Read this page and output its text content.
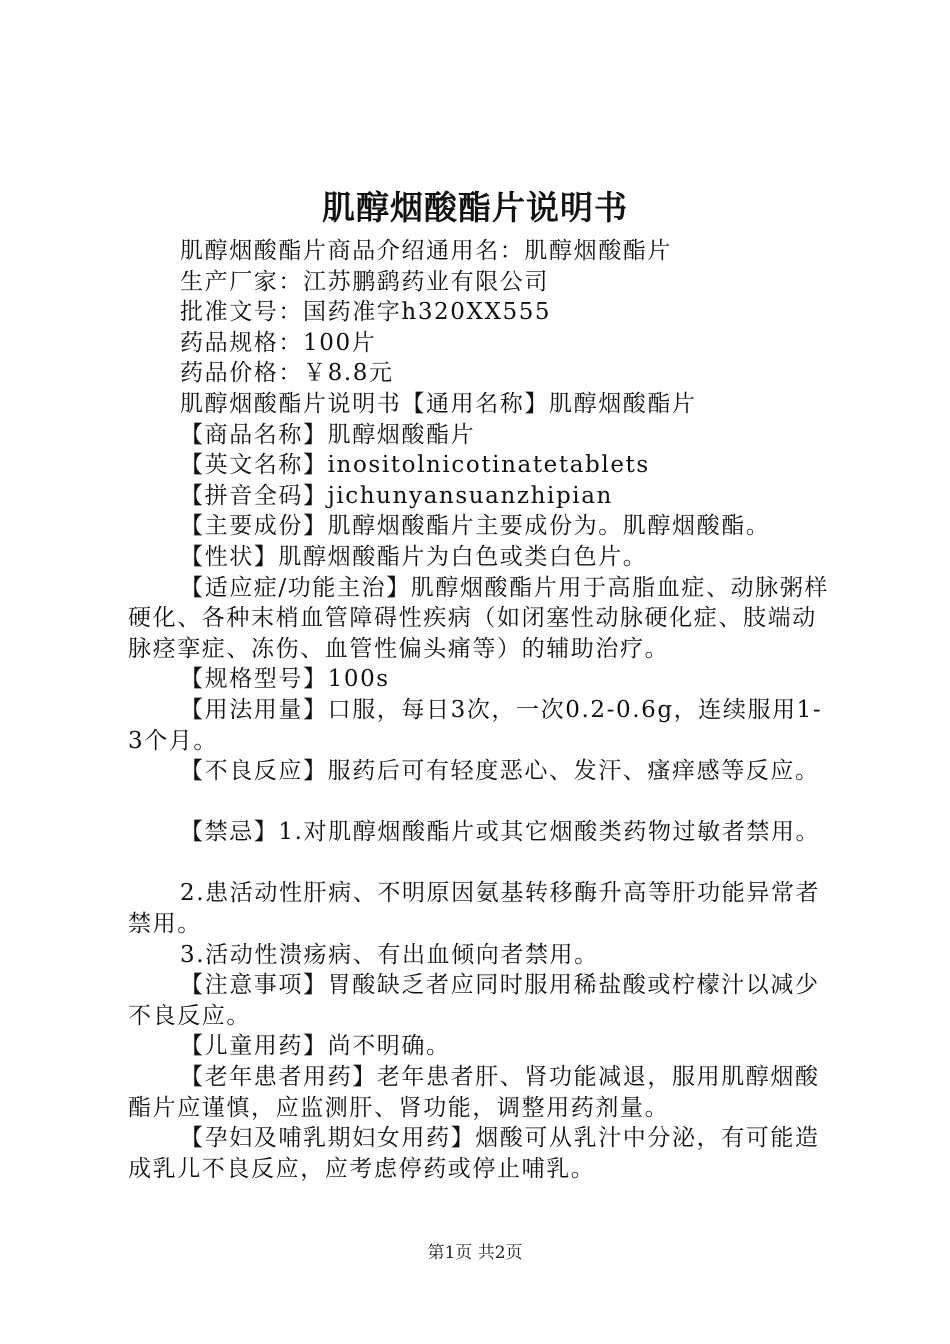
肌醇烟酸酯片说明书

肌醇烟酸酯片商品介绍通用名：肌醇烟酸酯片

生产厂家：江苏鹏鹞药业有限公司

批准文号：国药准字h320XX555

药品规格：100片

药品价格：￥8.8元

肌醇烟酸酯片说明书【通用名称】肌醇烟酸酯片

【商品名称】肌醇烟酸酯片

【英文名称】inositolnicotinatetablets

【拼音全码】jichunyansuanzhipian

【主要成份】肌醇烟酸酯片主要成份为。肌醇烟酸酯。

【性状】肌醇烟酸酯片为白色或类白色片。

【适应症/功能主治】肌醇烟酸酯片用于高脂血症、动脉粥样硬化、各种末梢血管障碍性疾病（如闭塞性动脉硬化症、肢端动脉痉挛症、冻伤、血管性偏头痛等）的辅助治疗。

【规格型号】100s

【用法用量】口服，每日3次，一次0.2-0.6g，连续服用1-3个月。

【不良反应】服药后可有轻度恶心、发汗、瘙痒感等反应。

【禁忌】1.对肌醇烟酸酯片或其它烟酸类药物过敏者禁用。

2.患活动性肝病、不明原因氨基转移酶升高等肝功能异常者禁用。

3.活动性溃疡病、有出血倾向者禁用。

【注意事项】胃酸缺乏者应同时服用稀盐酸或柠檬汁以减少不良反应。

【儿童用药】尚不明确。

【老年患者用药】老年患者肝、肾功能减退，服用肌醇烟酸酯片应谨慎，应监测肝、肾功能，调整用药剂量。

【孕妇及哺乳期妇女用药】烟酸可从乳汁中分泌，有可能造成乳儿不良反应，应考虑停药或停止哺乳。

第1页 共2页
